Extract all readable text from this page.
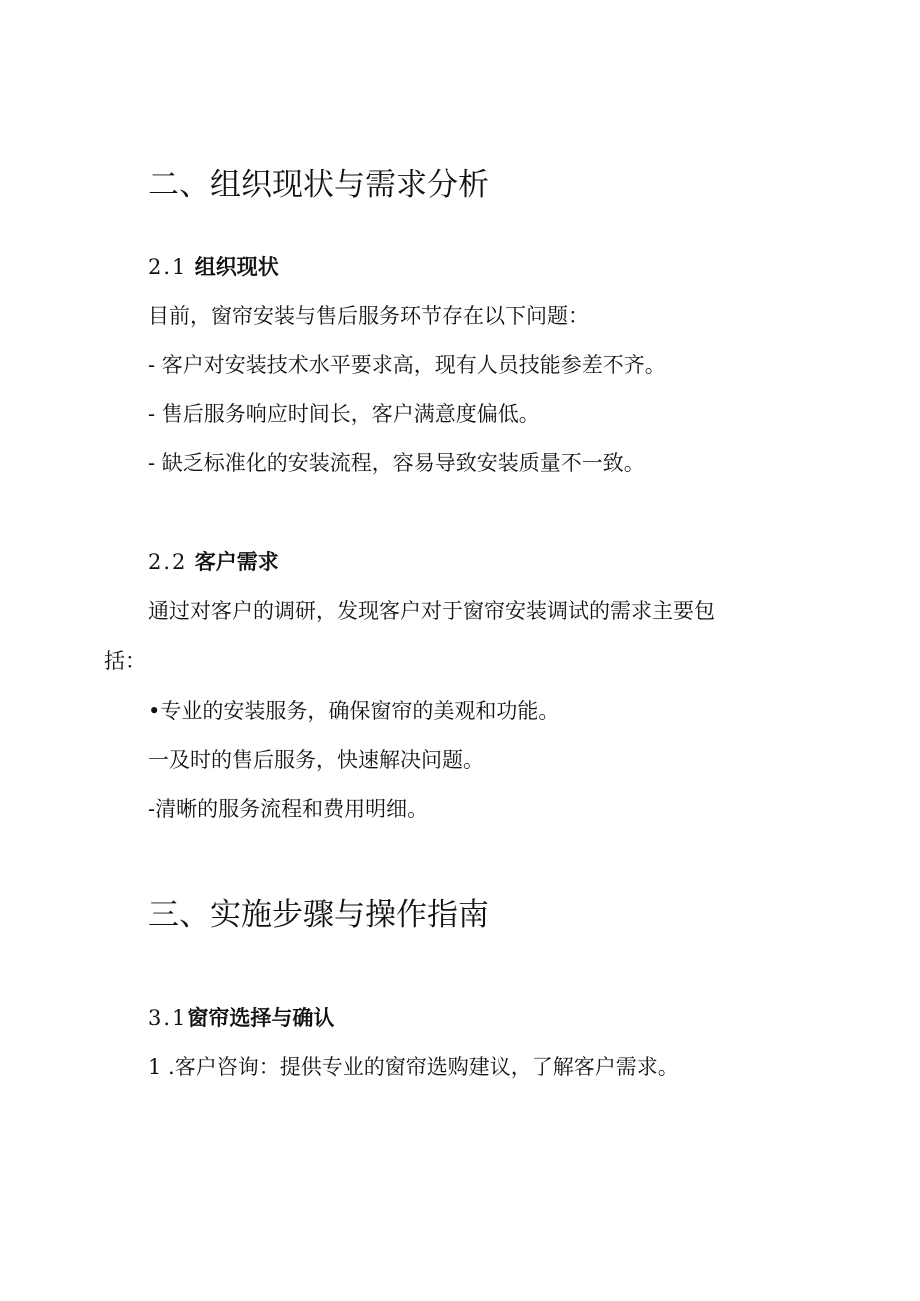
二、组织现状与需求分析
2.1 组织现状
目前，窗帘安装与售后服务环节存在以下问题：
- 客户对安装技术水平要求高，现有人员技能参差不齐。
- 售后服务响应时间长，客户满意度偏低。
- 缺乏标准化的安装流程，容易导致安装质量不一致。
2.2 客户需求
通过对客户的调研，发现客户对于窗帘安装调试的需求主要包
括：
•专业的安装服务，确保窗帘的美观和功能。
一及时的售后服务，快速解决问题。
-清晰的服务流程和费用明细。
三、实施步骤与操作指南
3.1窗帘选择与确认
1 .客户咨询：提供专业的窗帘选购建议，了解客户需求。
